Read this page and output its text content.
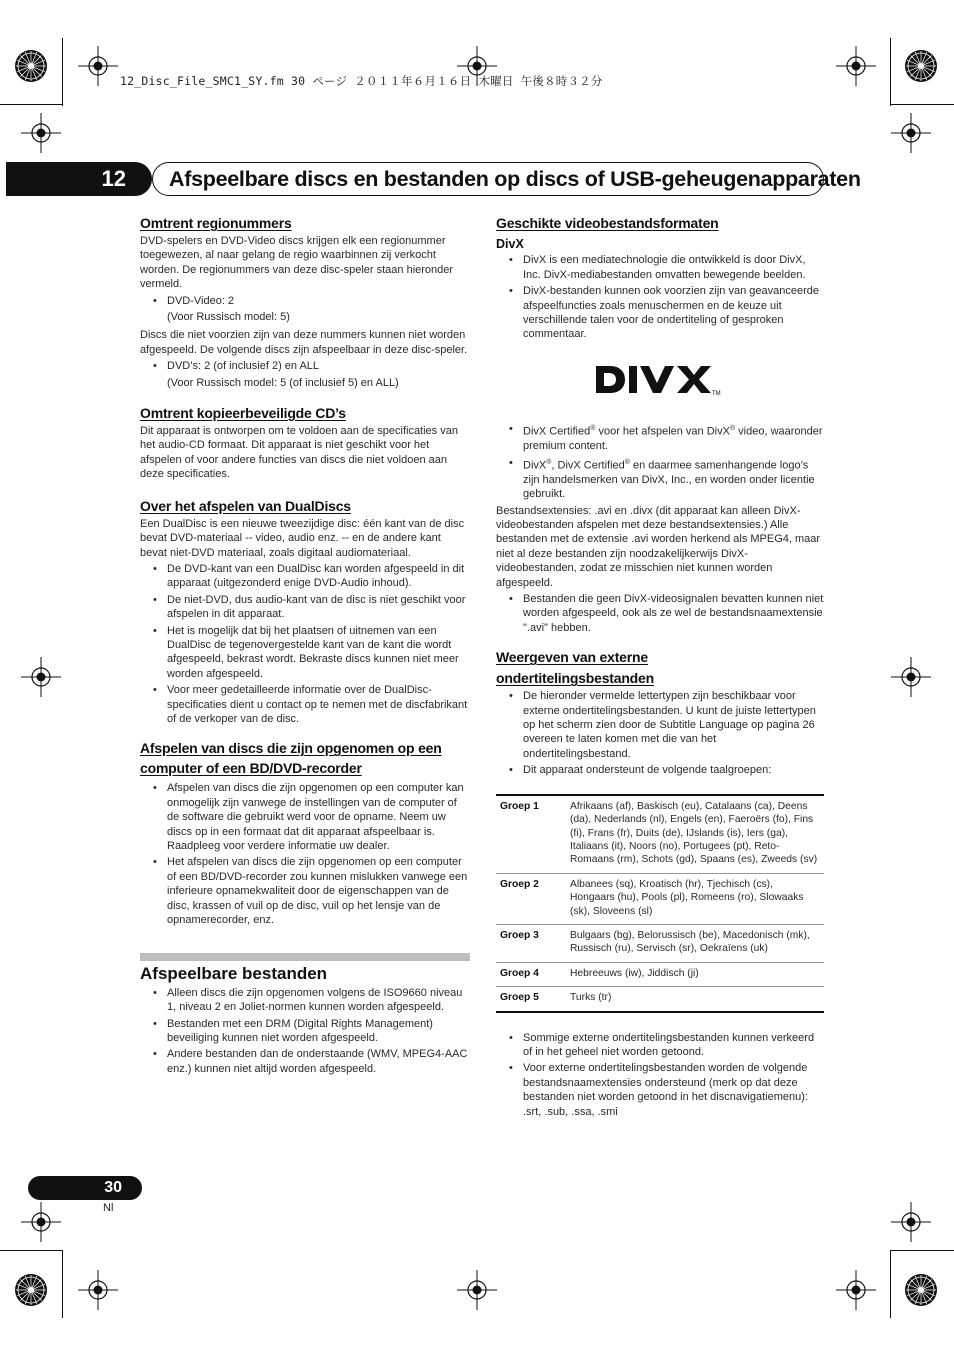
12_Disc_File_SMC1_SY.fm 30 ページ ２０１１年６月１６日 木曜日 午後８時３２分
12 Afspeelbare discs en bestanden op discs of USB-geheugenapparaten
Omtrent regionummers

DVD-spelers en DVD-Video discs krijgen elk een regionummer toegewezen, al naar gelang de regio waarbinnen zij verkocht worden. De regionummers van deze disc-speler staan hieronder vermeld.

• DVD-Video: 2
(Voor Russisch model: 5)

Discs die niet voorzien zijn van deze nummers kunnen niet worden afgespeeld. De volgende discs zijn afspeelbaar in deze disc-speler.

• DVD’s: 2 (of inclusief 2) en ALL
(Voor Russisch model: 5 (of inclusief 5) en ALL)
Omtrent kopieerbeveiligde CD’s

Dit apparaat is ontworpen om te voldoen aan de specificaties van het audio-CD formaat. Dit apparaat is niet geschikt voor het afspelen of voor andere functies van discs die niet voldoen aan deze specificaties.

Over het afspelen van DualDiscs

Een DualDisc is een nieuwe tweezijdige disc: één kant van de disc bevat DVD-materiaal -- video, audio enz. -- en de andere kant bevat niet-DVD materiaal, zoals digitaal audiomateriaal.

• De DVD-kant van een DualDisc kan worden afgespeeld in dit apparaat (uitgezonderd enige DVD-Audio inhoud).
• De niet-DVD, dus audio-kant van de disc is niet geschikt voor afspelen in dit apparaat.
• Het is mogelijk dat bij het plaatsen of uitnemen van een DualDisc de tegenovergestelde kant van de kant die wordt afgespeeld, bekrast wordt. Bekraste discs kunnen niet meer worden afgespeeld.
• Voor meer gedetailleerde informatie over de DualDisc-specificaties dient u contact op te nemen met de discfabrikant of de verkoper van de disc.
Afspelen van discs die zijn opgenomen op een computer of een BD/DVD-recorder
• Afspelen van discs die zijn opgenomen op een computer kan onmogelijk zijn vanwege de instellingen van de computer of de software die gebruikt werd voor de opname. Neem uw discs op in een formaat dat dit apparaat afspeelbaar is. Raadpleeg voor verdere informatie uw dealer.
• Het afspelen van discs die zijn opgenomen op een computer of een BD/DVD-recorder zou kunnen mislukken vanwege een inferieure opnamekwaliteit door de eigenschappen van de disc, krassen of vuil op de disc, vuil op het lensje van de opnamerecorder, enz.
Afspeelbare bestanden
• Alleen discs die zijn opgenomen volgens de ISO9660 niveau 1, niveau 2 en Joliet-normen kunnen worden afgespeeld.
• Bestanden met een DRM (Digital Rights Management) beveiliging kunnen niet worden afgespeeld.
• Andere bestanden dan de onderstaande (WMV, MPEG4-AAC enz.) kunnen niet altijd worden afgespeeld.
Geschikte videobestandsformaten
DivX
• DivX is een mediatechnologie die ontwikkeld is door DivX, Inc. DivX-mediabestanden omvatten bewegende beelden.
• DivX-bestanden kunnen ook voorzien zijn van geavanceerde afspeelfuncties zoals menuschermen en de keuze uit verschillende talen voor de ondertiteling of gesproken commentaar.
TM
DIVX
• DivX Certified® voor het afspelen van DivX® video, waaronder premium content.
• DivX®, DivX Certified® en daarmee samenhangende logo’s zijn handelsmerken van DivX, Inc., en worden onder licentie gebruikt.

Bestandsextensies: .avi en .divx (dit apparaat kan alleen DivX-videobestanden afspelen met deze bestandsextensies.) Alle bestanden met de extensie .avi worden herkend als MPEG4, maar niet al deze bestanden zijn noodzakelijkerwijs DivX-videobestanden, zodat ze misschien niet kunnen worden afgespeeld.

• Bestanden die geen DivX-videosignalen bevatten kunnen niet worden afgespeeld, ook als ze wel de bestandsnaamextensie ".avi" hebben.
Weergeven van externe
ondertitelingsbestanden
• De hieronder vermelde lettertypen zijn beschikbaar voor externe ondertitelingsbestanden. U kunt de juiste lettertypen op het scherm zien door de Subtitle Language op pagina 26 overeen te laten komen met die van het ondertitelingsbestand.
• Dit apparaat ondersteunt de volgende taalgroepen:
Groep 1	Afrikaans (af), Baskisch (eu), Catalaans (ca), Deens (da), Nederlands (nl), Engels (en), Faeroërs (fo), Fins (fi), Frans (fr), Duits (de), IJslands (is), Iers (ga), Italiaans (it), Noors (no), Portugees (pt), Reto-Romaans (rm), Schots (gd), Spaans (es), Zweeds (sv)
Groep 2	Albanees (sq), Kroatisch (hr), Tjechisch (cs), Hongaars (hu), Pools (pl), Romeens (ro), Slowaaks (sk), Sloveens (sl)
Groep 3	Bulgaars (bg), Belorussisch (be), Macedonisch (mk), Russisch (ru), Servisch (sr), Oekraïens (uk)
Groep 4	Hebreeuws (iw), Jiddisch (ji)
Groep 5	Turks (tr)
• Sommige externe ondertitelingsbestanden kunnen verkeerd of in het geheel niet worden getoond.
• Voor externe ondertitelingsbestanden worden de volgende bestandsnaamextensies ondersteund (merk op dat deze bestanden niet worden getoond in het discnavigatiemenu): .srt, .sub, .ssa, .smi
30
Nl
